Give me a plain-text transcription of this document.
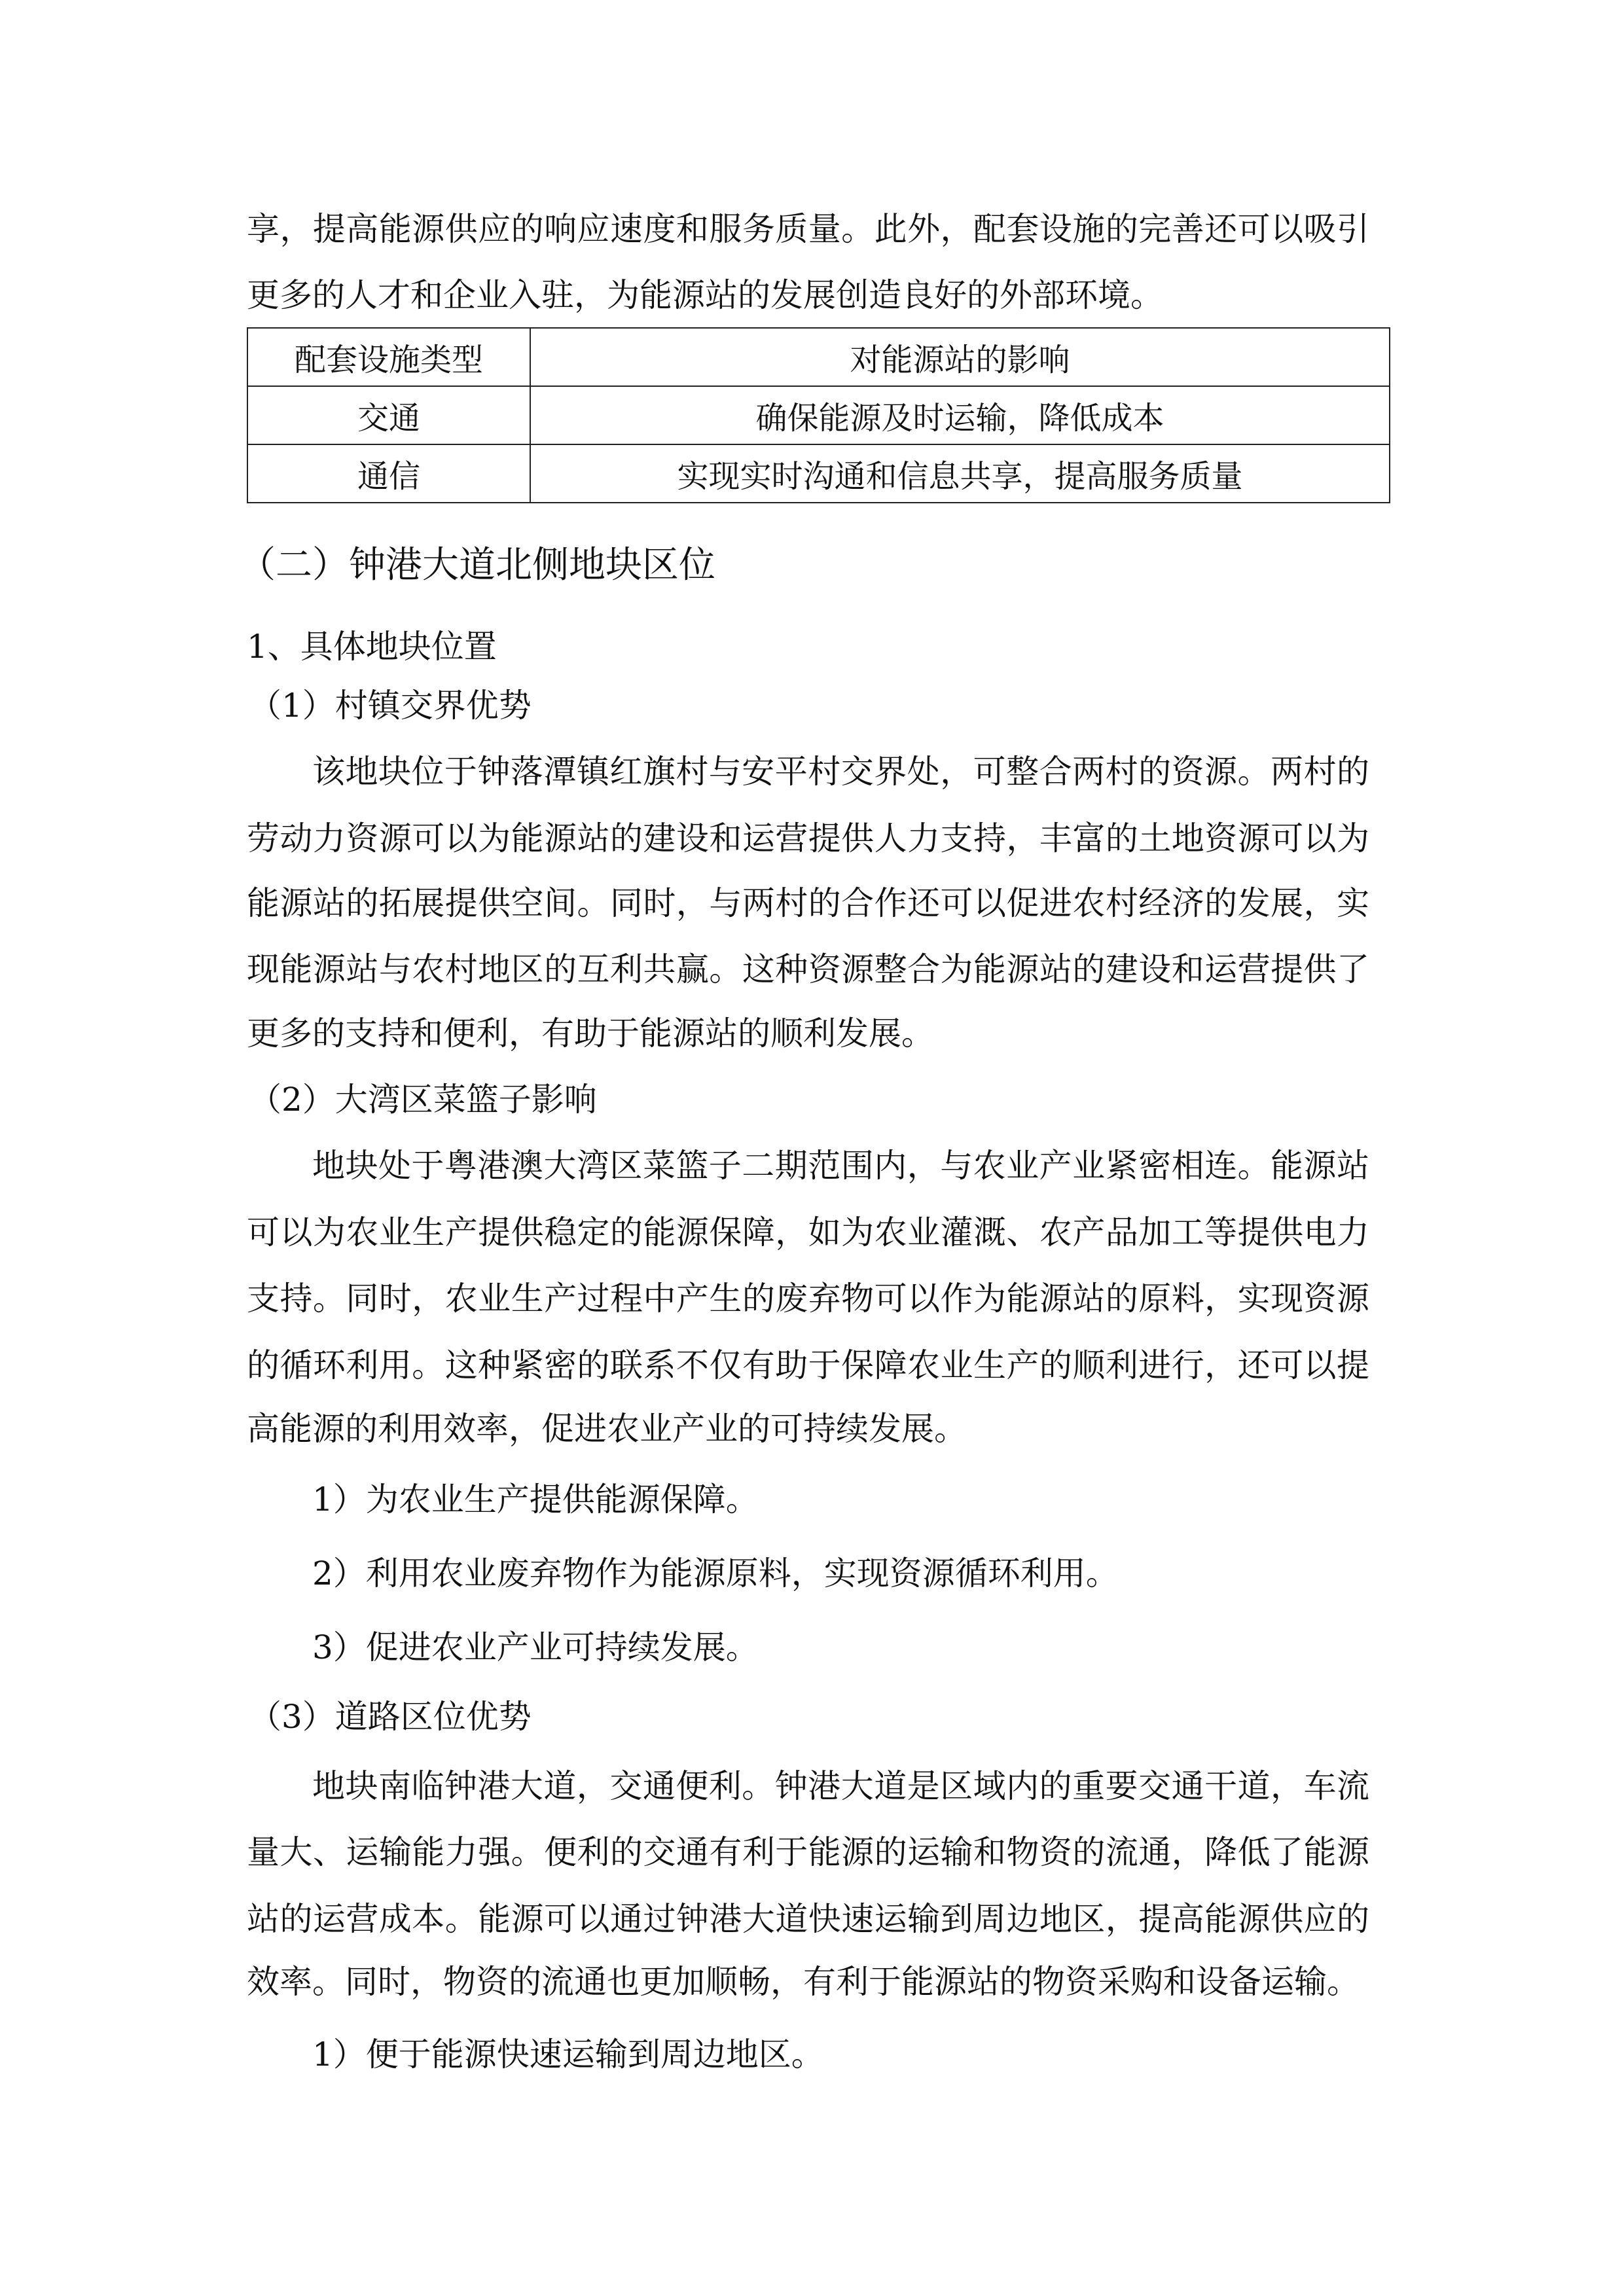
享，提高能源供应的响应速度和服务质量。此外，配套设施的完善还可以吸引
更多的人才和企业入驻，为能源站的发展创造良好的外部环境。
配套设施类型	对能源站的影响
交通	确保能源及时运输，降低成本
通信	实现实时沟通和信息共享，提高服务质量
（二）钟港大道北侧地块区位
1、具体地块位置
（1）村镇交界优势
该地块位于钟落潭镇红旗村与安平村交界处，可整合两村的资源。两村的
劳动力资源可以为能源站的建设和运营提供人力支持，丰富的土地资源可以为
能源站的拓展提供空间。同时，与两村的合作还可以促进农村经济的发展，实
现能源站与农村地区的互利共赢。这种资源整合为能源站的建设和运营提供了
更多的支持和便利，有助于能源站的顺利发展。
（2）大湾区菜篮子影响
地块处于粤港澳大湾区菜篮子二期范围内，与农业产业紧密相连。能源站
可以为农业生产提供稳定的能源保障，如为农业灌溉、农产品加工等提供电力
支持。同时，农业生产过程中产生的废弃物可以作为能源站的原料，实现资源
的循环利用。这种紧密的联系不仅有助于保障农业生产的顺利进行，还可以提
高能源的利用效率，促进农业产业的可持续发展。
1）为农业生产提供能源保障。
2）利用农业废弃物作为能源原料，实现资源循环利用。
3）促进农业产业可持续发展。
（3）道路区位优势
地块南临钟港大道，交通便利。钟港大道是区域内的重要交通干道，车流
量大、运输能力强。便利的交通有利于能源的运输和物资的流通，降低了能源
站的运营成本。能源可以通过钟港大道快速运输到周边地区，提高能源供应的
效率。同时，物资的流通也更加顺畅，有利于能源站的物资采购和设备运输。
1）便于能源快速运输到周边地区。
